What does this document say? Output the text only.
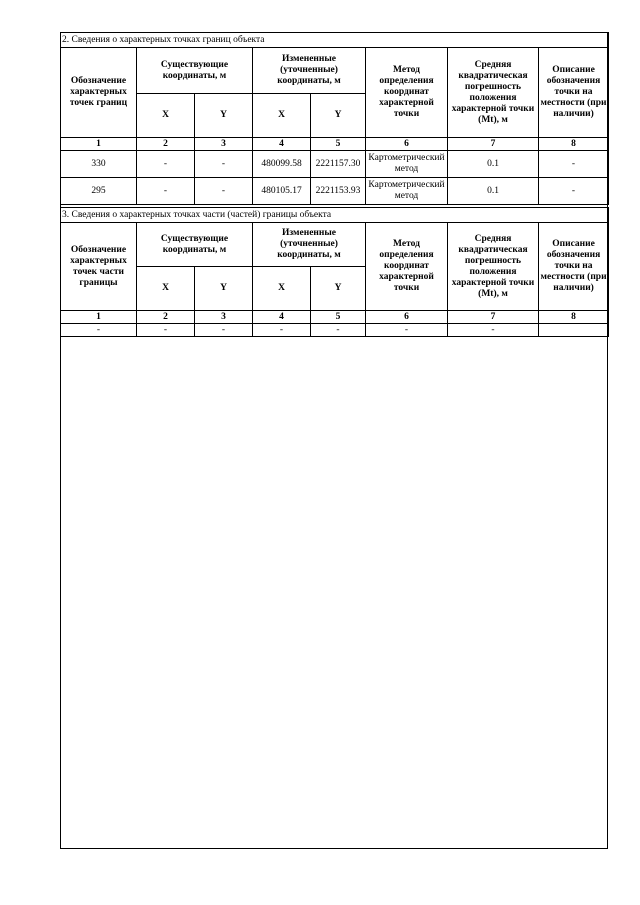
2. Сведения о характерных точках границ объекта							
Обозначение характерных точек границ	Существующие координаты, м		Измененные (уточненные) координаты, м		Метод определения координат характерной точки	Средняя квадратическая погрешность положения характерной точки (Mt), м	Описание обозначения точки на местности (при наличии)
	X	Y	X	Y			
1	2	3	4	5	6	7	8
330	-	-	480099.58	2221157.30	Картометрический метод	0.1	-
295	-	-	480105.17	2221153.93	Картометрический метод	0.1	-
3. Сведения о характерных точках части (частей) границы объекта							
Обозначение характерных точек части границы	Существующие координаты, м		Измененные (уточненные) координаты, м		Метод определения координат характерной точки	Средняя квадратическая погрешность положения характерной точки (Mt), м	Описание обозначения точки на местности (при наличии)
	X	Y	X	Y			
1	2	3	4	5	6	7	8
-	-	-	-	-	-	-	
